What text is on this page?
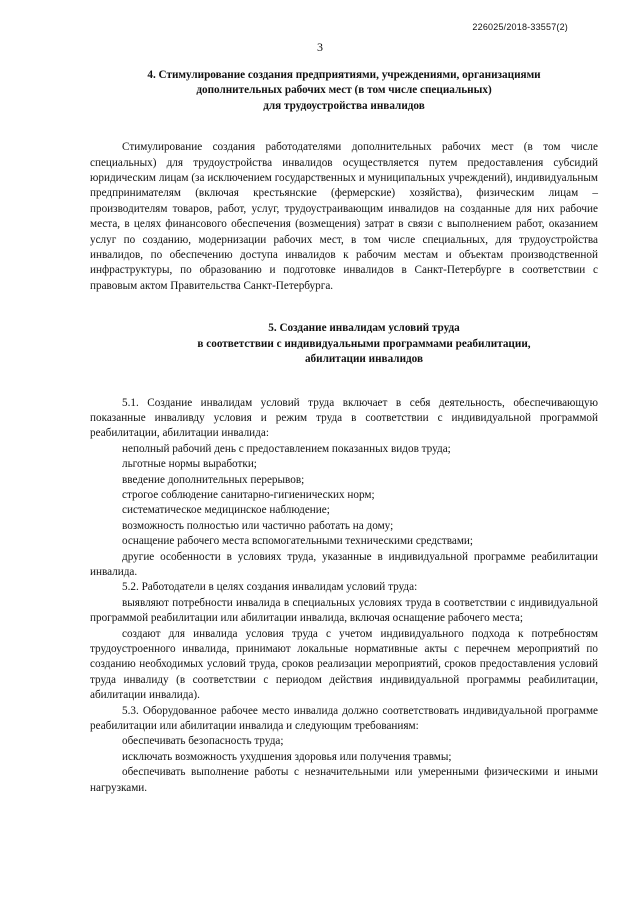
226025/2018-33557(2)
3
4. Стимулирование создания предприятиями, учреждениями, организациями
дополнительных рабочих мест (в том числе специальных)
для трудоустройства инвалидов

Стимулирование создания работодателями дополнительных рабочих мест (в том числе специальных) для трудоустройства инвалидов осуществляется путем предоставления субсидий юридическим лицам (за исключением государственных и муниципальных учреждений), индивидуальным предпринимателям (включая крестьянские (фермерские) хозяйства), физическим лицам – производителям товаров, работ, услуг, трудоустраивающим инвалидов на созданные для них рабочие места, в целях финансового обеспечения (возмещения) затрат в связи с выполнением работ, оказанием услуг по созданию, модернизации рабочих мест, в том числе специальных, для трудоустройства инвалидов, по обеспечению доступа инвалидов к рабочим местам и объектам производственной инфраструктуры, по образованию и подготовке инвалидов в Санкт-Петербурге в соответствии с правовым актом Правительства Санкт-Петербурга.

5. Создание инвалидам условий труда
в соответствии с индивидуальными программами реабилитации,
абилитации инвалидов

5.1. Создание инвалидам условий труда включает в себя деятельность, обеспечивающую показанные инваливду условия и режим труда в соответствии с индивидуальной программой реабилитации, абилитации инвалида:

неполный рабочий день с предоставлением показанных видов труда;

льготные нормы выработки;

введение дополнительных перерывов;

строгое соблюдение санитарно-гигиенических норм;

систематическое медицинское наблюдение;

возможность полностью или частично работать на дому;

оснащение рабочего места вспомогательными техническими средствами;

другие особенности в условиях труда, указанные в индивидуальной программе реабилитации инвалида.

5.2. Работодатели в целях создания инвалидам условий труда:

выявляют потребности инвалида в специальных условиях труда в соответствии с индивидуальной программой реабилитации или абилитации инвалида, включая оснащение рабочего места;

создают для инвалида условия труда с учетом индивидуального подхода к потребностям трудоустроенного инвалида, принимают локальные нормативные акты с перечнем мероприятий по созданию необходимых условий труда, сроков реализации мероприятий, сроков предоставления условий труда инвалиду (в соответствии с периодом действия индивидуальной программы реабилитации, абилитации инвалида).

5.3. Оборудованное рабочее место инвалида должно соответствовать индивидуальной программе реабилитации или абилитации инвалида и следующим требованиям:

обеспечивать безопасность труда;

исключать возможность ухудшения здоровья или получения травмы;

обеспечивать выполнение работы с незначительными или умеренными физическими и иными нагрузками.
